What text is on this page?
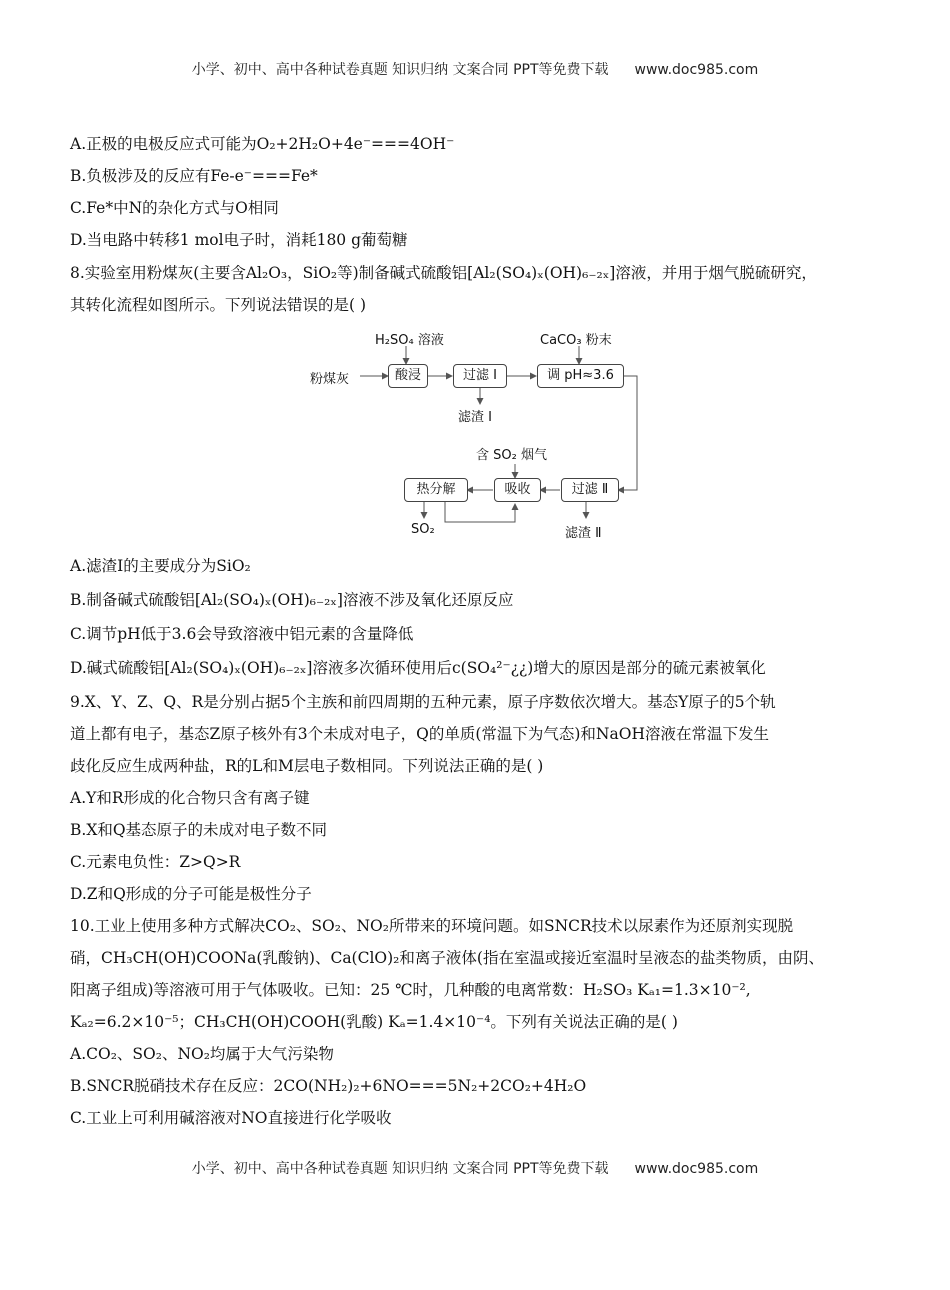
小学、初中、高中各种试卷真题 知识归纳 文案合同 PPT等免费下载 www.doc985.com
A.正极的电极反应式可能为O₂+2H₂O+4e⁻===4OH⁻
B.负极涉及的反应有Fe-e⁻===Fe*
C.Fe*中N的杂化方式与O相同
D.当电路中转移1 mol电子时，消耗180 g葡萄糖
8.实验室用粉煤灰(主要含Al₂O₃，SiO₂等)制备碱式硫酸铝[Al₂(SO₄)ₓ(OH)₆₋₂ₓ]溶液，并用于烟气脱硫研究，
其转化流程如图所示。下列说法错误的是( )
H₂SO₄ 溶液	CaCO₃ 粉末
粉煤灰	酸浸	过滤 Ⅰ	调 pH≈3.6
滤渣 Ⅰ
含 SO₂ 烟气
热分解	吸收	过滤 Ⅱ
SO₂	滤渣 Ⅱ
A.滤渣Ⅰ的主要成分为SiO₂
B.制备碱式硫酸铝[Al₂(SO₄)ₓ(OH)₆₋₂ₓ]溶液不涉及氧化还原反应
C.调节pH低于3.6会导致溶液中铝元素的含量降低
D.碱式硫酸铝[Al₂(SO₄)ₓ(OH)₆₋₂ₓ]溶液多次循环使用后c(SO₄²⁻¿¿)增大的原因是部分的硫元素被氧化
9.X、Y、Z、Q、R是分别占据5个主族和前四周期的五种元素，原子序数依次增大。基态Y原子的5个轨
道上都有电子，基态Z原子核外有3个未成对电子，Q的单质(常温下为气态)和NaOH溶液在常温下发生
歧化反应生成两种盐，R的L和M层电子数相同。下列说法正确的是( )
A.Y和R形成的化合物只含有离子键
B.X和Q基态原子的未成对电子数不同
C.元素电负性：Z>Q>R
D.Z和Q形成的分子可能是极性分子
10.工业上使用多种方式解决CO₂、SO₂、NO₂所带来的环境问题。如SNCR技术以尿素作为还原剂实现脱
硝，CH₃CH(OH)COONa(乳酸钠)、Ca(ClO)₂和离子液体(指在室温或接近室温时呈液态的盐类物质，由阴、
阳离子组成)等溶液可用于气体吸收。已知：25 ℃时，几种酸的电离常数：H₂SO₃ Kₐ₁=1.3×10⁻²,
Kₐ₂=6.2×10⁻⁵；CH₃CH(OH)COOH(乳酸) Kₐ=1.4×10⁻⁴。下列有关说法正确的是( )
A.CO₂、SO₂、NO₂均属于大气污染物
B.SNCR脱硝技术存在反应：2CO(NH₂)₂+6NO===5N₂+2CO₂+4H₂O
C.工业上可利用碱溶液对NO直接进行化学吸收
小学、初中、高中各种试卷真题 知识归纳 文案合同 PPT等免费下载 www.doc985.com
